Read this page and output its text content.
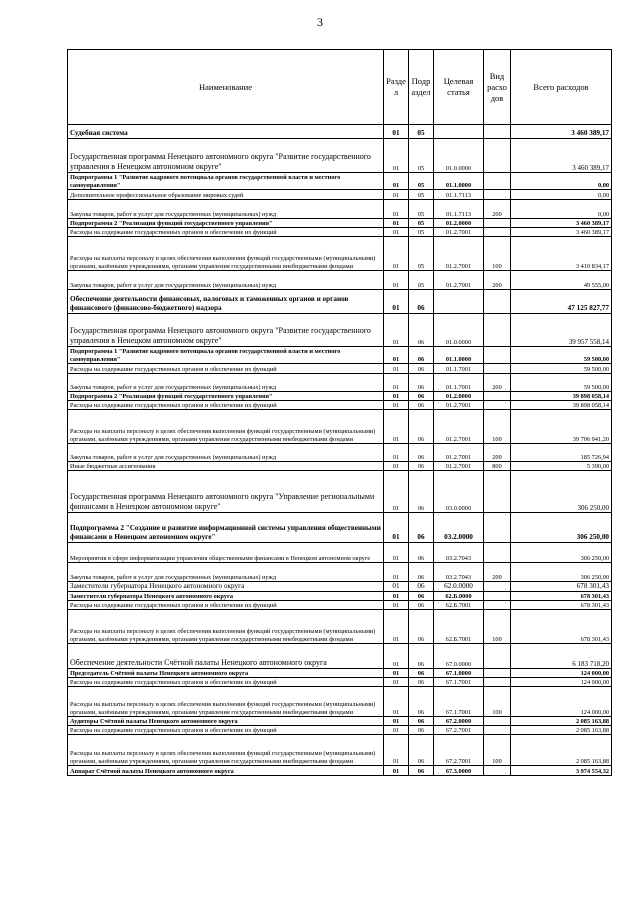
3
Наименование	Разде л	Подр аздел	Целевая статья	Вид расхо дов	Всего расходов
Судебная система	01	05			3 460 389,17
Государственная программа Ненецкого автономного округа "Развитие государственного управления в Ненецком автономном округе"	01	05	01.0.0000		3 460 389,17
Подпрограмма 1 "Развитие кадрового потенциала органов государственной власти и местного самоуправления"	01	05	01.1.0000		0,00
Дополнительное профессиональное образование мировых судей	01	05	01.1.7113		0,00
Закупка товаров, работ и услуг для государственных (муниципальных) нужд	01	05	01.1.7113	200	0,00
Подпрограмма 2 "Реализация функций государственного управления"	01	05	01.2.0000		3 460 389,17
Расходы на содержание государственных органов и обеспечение их функций	01	05	01.2.7001		3 460 389,17
Расходы на выплаты персоналу в целях обеспечения выполнения функций государственными (муниципальными) органами, казёнными учреждениями, органами управления государственными внебюджетными фондами	01	05	01.2.7001	100	3 410 834,17
Закупка товаров, работ и услуг для государственных (муниципальных) нужд	01	05	01.2.7001	200	49 555,00
Обеспечение деятельности финансовых, налоговых и таможенных органов и органов финансового (финансово-бюджетного) надзора	01	06			47 125 827,77
Государственная программа Ненецкого автономного округа "Развитие государственного управления в Ненецком автономном округе"	01	06	01.0.0000		39 957 558,14
Подпрограмма 1 "Развитие кадрового потенциала органов государственной власти и местного самоуправления"	01	06	01.1.0000		59 500,00
Расходы на содержание государственных органов и обеспечение их функций	01	06	01.1.7001		59 500,00
Закупка товаров, работ и услуг для государственных (муниципальных) нужд	01	06	01.1.7001	200	59 500,00
Подпрограмма 2 "Реализация функций государственного управления"	01	06	01.2.0000		39 898 058,14
Расходы на содержание государственных органов и обеспечение их функций	01	06	01.2.7001		39 898 058,14
Расходы на выплаты персоналу в целях обеспечения выполнения функций государственными (муниципальными) органами, казёнными учреждениями, органами управления государственными внебюджетными фондами	01	06	01.2.7001	100	39 706 941,20
Закупка товаров, работ и услуг для государственных (муниципальных) нужд	01	06	01.2.7001	200	185 726,94
Иные бюджетные ассигнования	01	06	01.2.7001	800	5 390,00
Государственная программа Ненецкого автономного округа "Управление региональными финансами в Ненецком автономном округе"	01	06	03.0.0000		306 250,00
Подпрограмма 2 "Создание и развитие информационной системы управления общественными финансами в Ненецком автономном округе"	01	06	03.2.0000		306 250,00
Мероприятия в сфере информатизации управления общественными финансами в Ненецком автономном округе	01	06	03.2.7043		306 250,00
Закупка товаров, работ и услуг для государственных (муниципальных) нужд	01	06	03.2.7043	200	306 250,00
Заместители губернатора Ненецкого автономного округа	01	06	62.0.0000		678 301,43
Заместители губернатора Ненецкого автономного округа	01	06	62.Б.0000		678 301,43
Расходы на содержание государственных органов и обеспечение их функций	01	06	62.Б.7001		678 301,43
Расходы на выплаты персоналу в целях обеспечения выполнения функций государственными (муниципальными) органами, казёнными учреждениями, органами управления государственными внебюджетными фондами	01	06	62.Б.7001	100	678 301,43
Обеспечение деятельности Счётной палаты Ненецкого автономного округа	01	06	67.0.0000		6 183 718,20
Председатель Счётной палаты Ненецкого автономного округа	01	06	67.1.0000		124 000,00
Расходы на содержание государственных органов и обеспечение их функций	01	06	67.1.7001		124 000,00
Расходы на выплаты персоналу в целях обеспечения выполнения функций государственными (муниципальными) органами, казёнными учреждениями, органами управления государственными внебюджетными фондами	01	06	67.1.7001	100	124 000,00
Аудиторы Счётной палаты Ненецкого автономного округа	01	06	67.2.0000		2 085 163,88
Расходы на содержание государственных органов и обеспечение их функций	01	06	67.2.7001		2 085 163,88
Расходы на выплаты персоналу в целях обеспечения выполнения функций государственными (муниципальными) органами, казёнными учреждениями, органами управления государственными внебюджетными фондами	01	06	67.2.7001	100	2 085 163,88
Аппарат Счётной палаты Ненецкого автономного округа	01	06	67.3.0000		3 974 554,32
